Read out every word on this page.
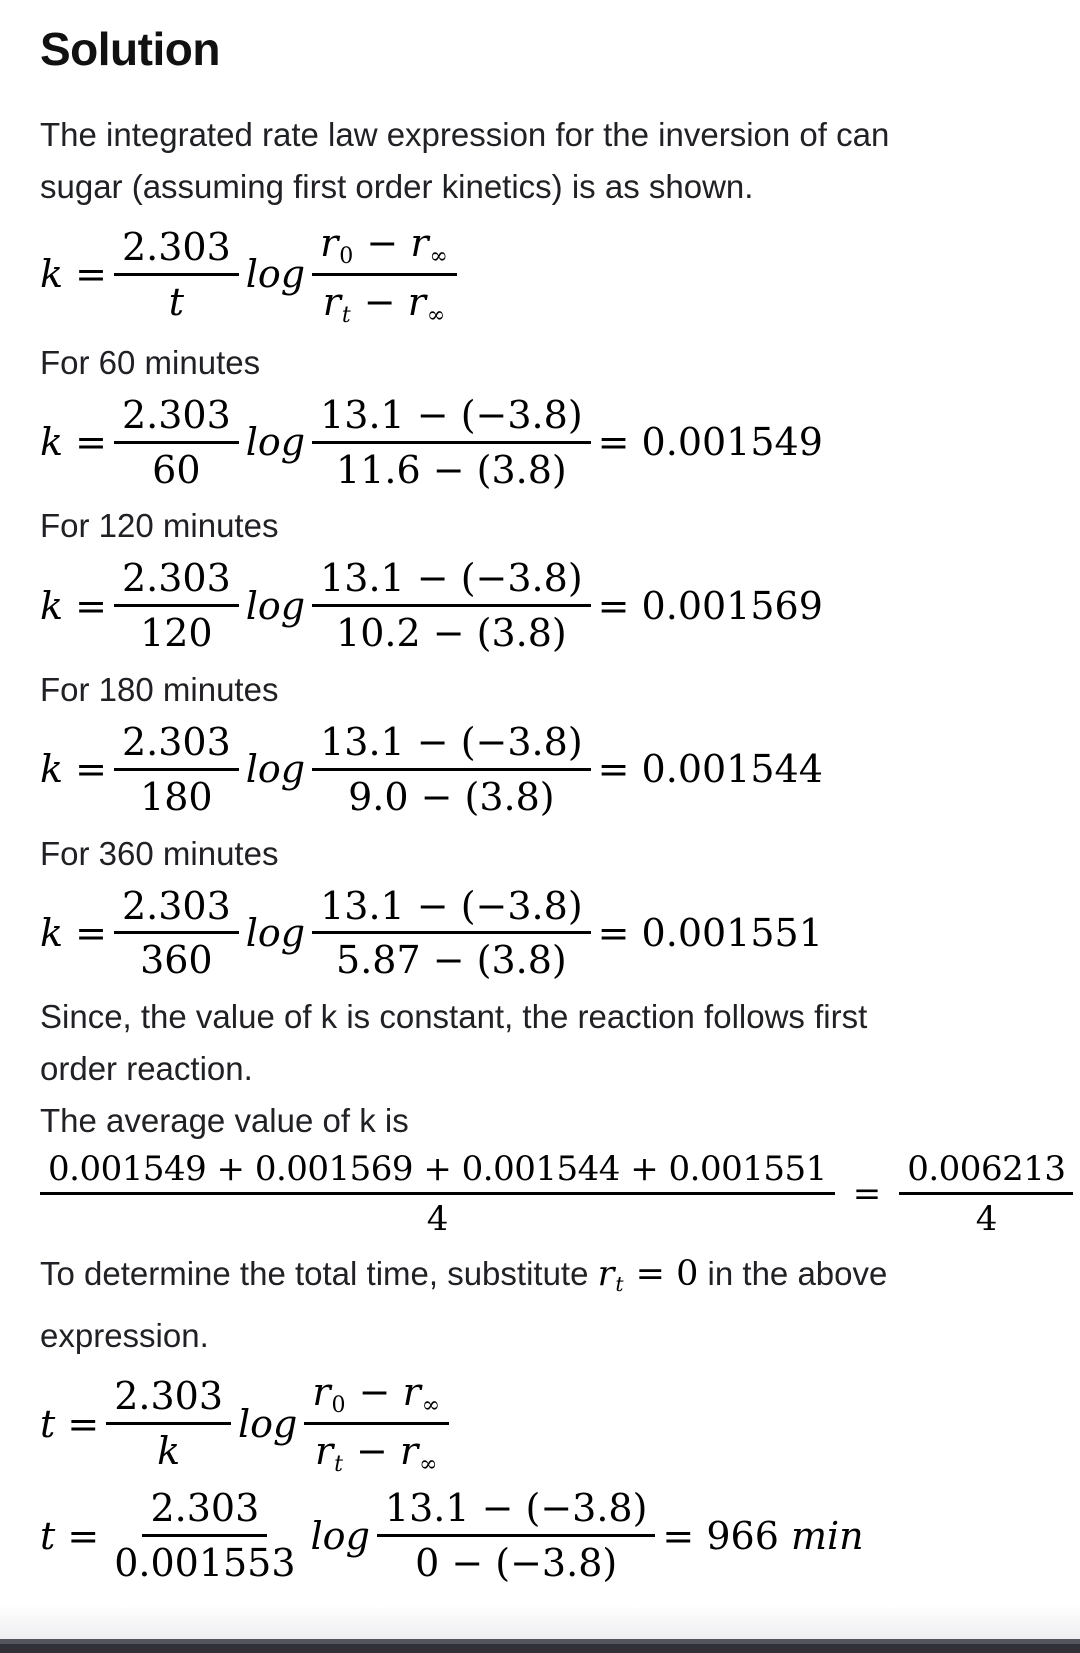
Solution
The integrated rate law expression for the inversion of can
sugar (assuming first order kinetics) is as shown.
$k = \frac{2.303}{t}$ $\log \frac{r0 - r\infty}{rt - r\infty}$
For 60 minutes
$k = \frac{2.303}{60}$ $\log \frac{13.1 - (-3.8)}{11.6 - (3.8)} = 0.001549$
For 120 minutes
$k = \frac{2.303}{120}$ $\log \frac{13.1 - (-3.8)}{10.2 - (3.8)} = 0.001569$
For 180 minutes
$k = \frac{2.303}{180}$ $\log \frac{13.1 - (-3.8)}{9.0 - (3.8)} = 0.001544$
For 360 minutes
$k = \frac{2.303}{360}$ $\log \frac{13.1 - (-3.8)}{5.87 - (3.8)} = 0.001551$
Since, the value of k is constant, the reaction follows first
order reaction.
The average value of k is
$\frac{0.001549 + 0.001569 + 0.001544 + 0.001551}{4} = \frac{0.006213}{4}$
To determine the total time, substitute rt = 0 in the above
expression.
$t = \frac{2.303}{k}$ $\log \frac{r0 - r\infty}{rt - r\infty}$
$t = \frac{2.303}{0.001553}$ $\log \frac{13.1 - (-3.8)}{0 - (-3.8)} = 966$ min
